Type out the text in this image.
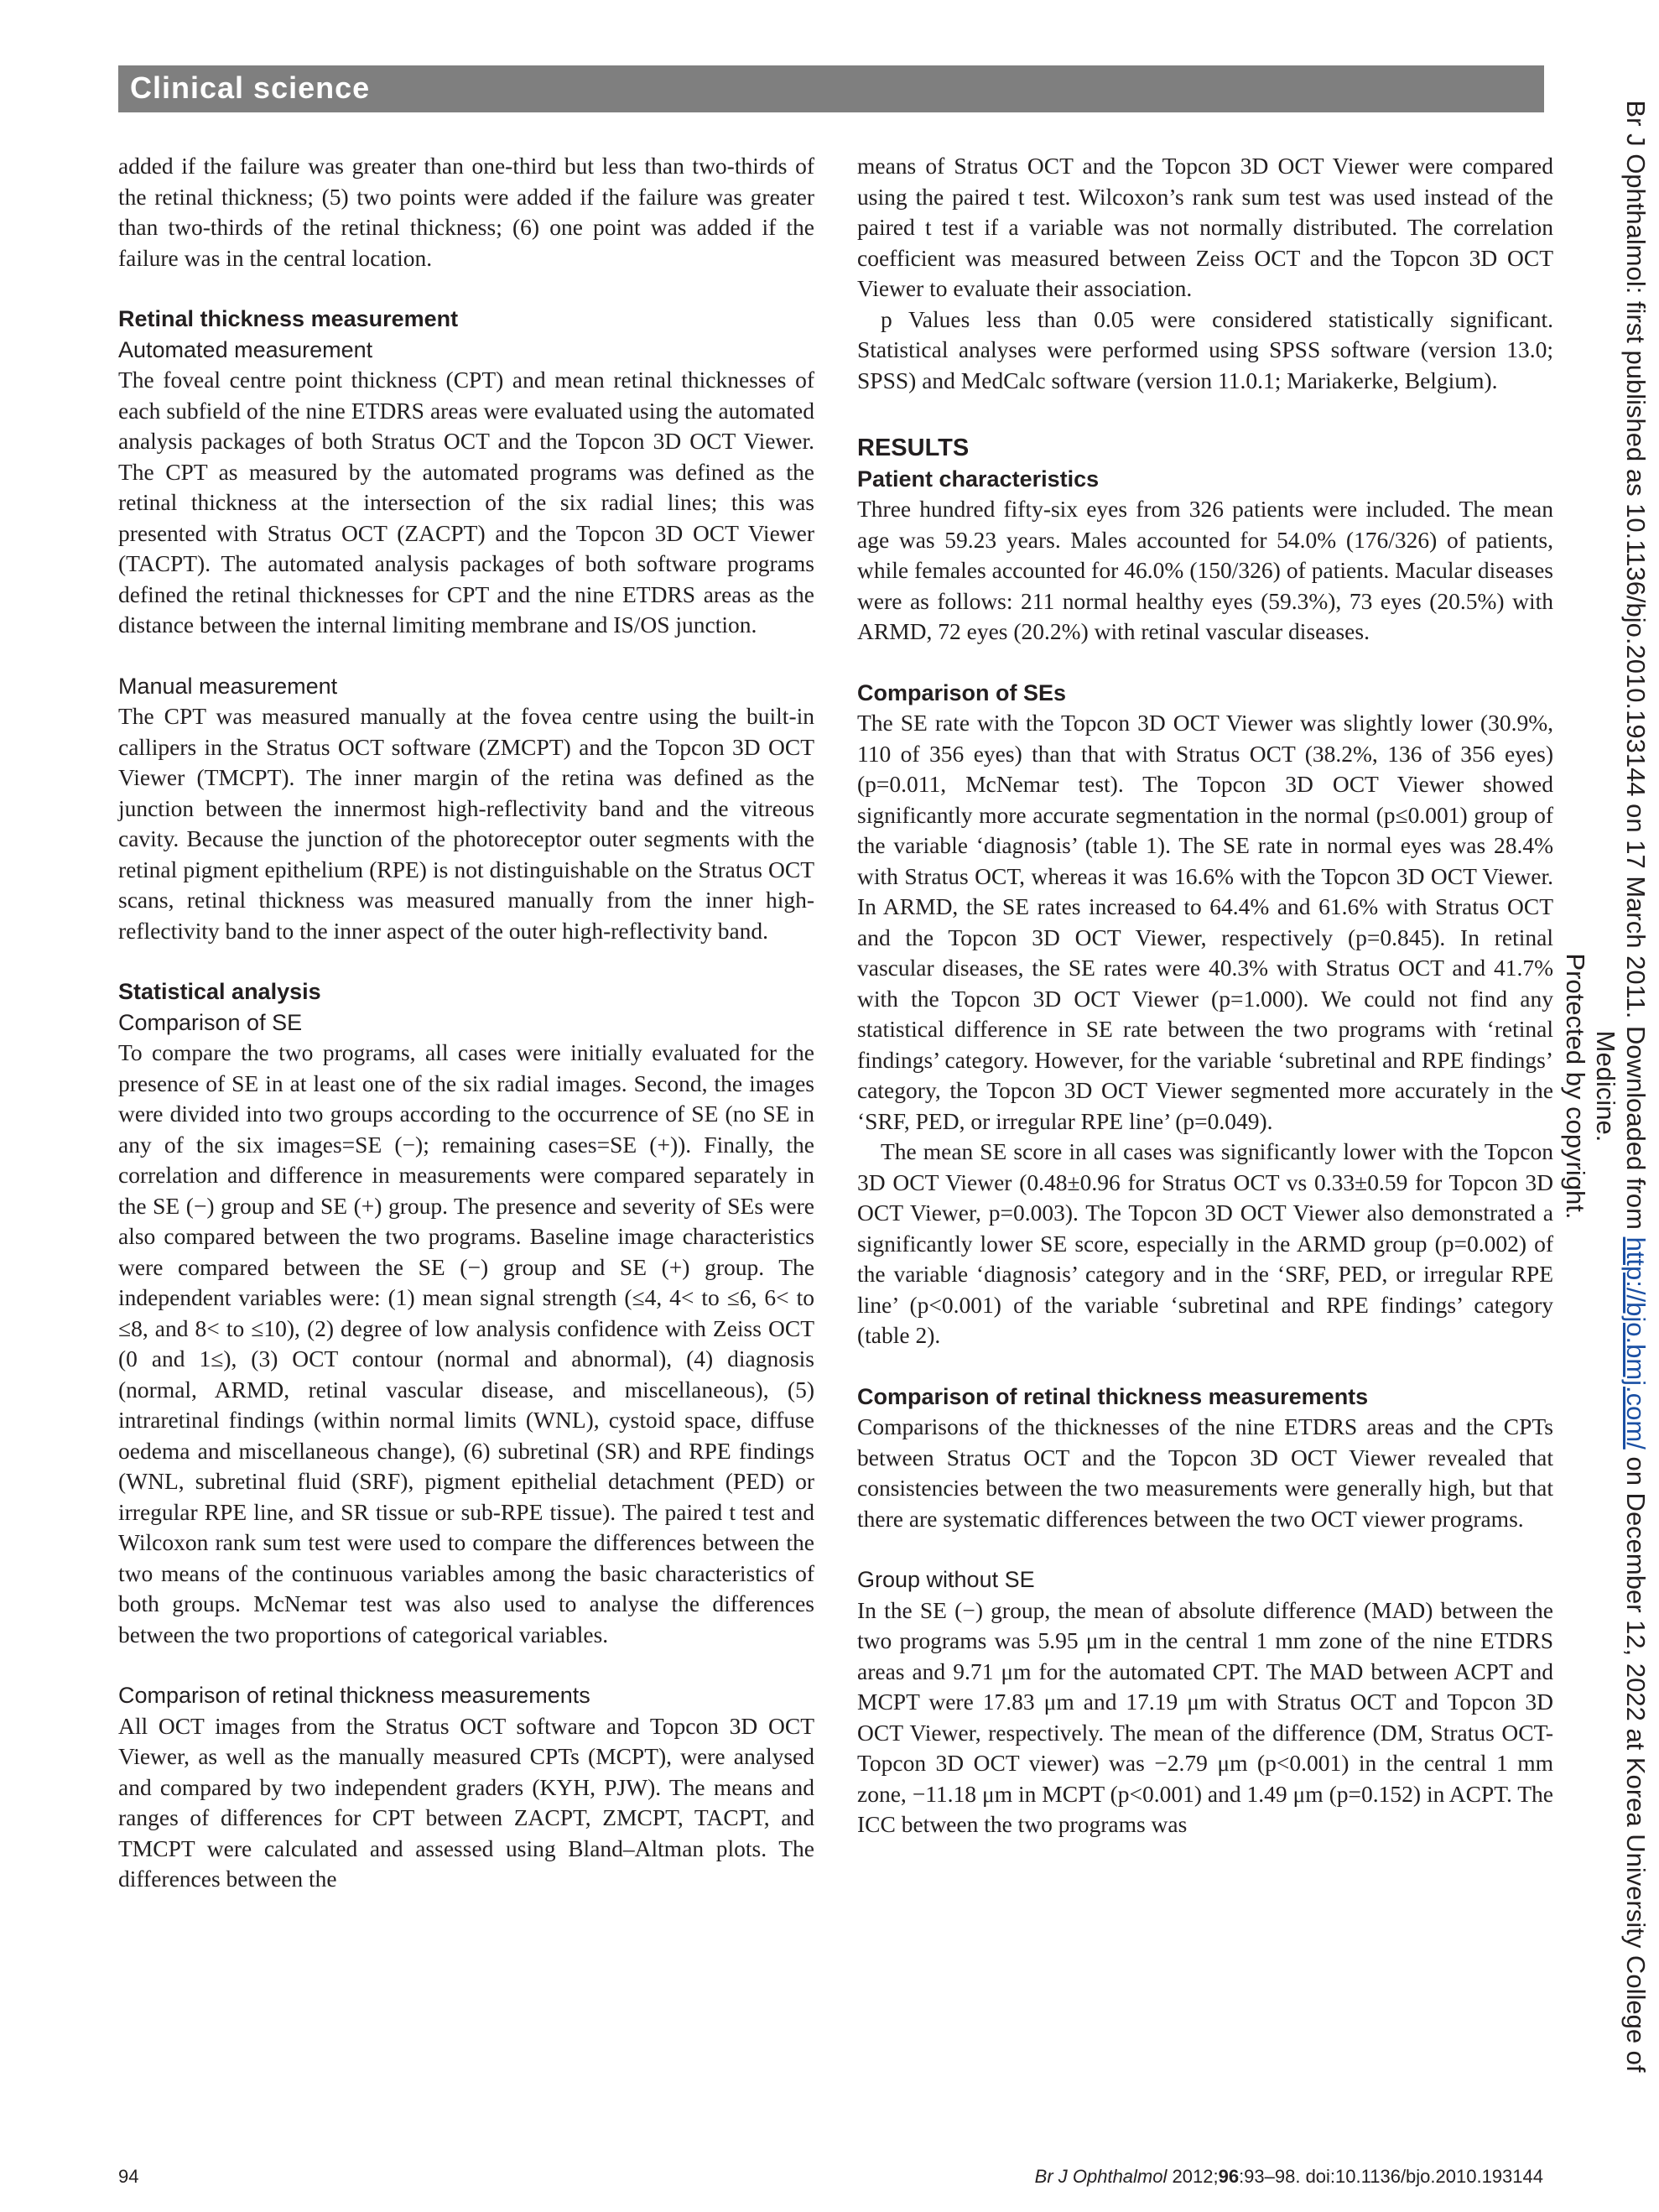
Clinical science

added if the failure was greater than one-third but less than two-thirds of the retinal thickness; (5) two points were added if the failure was greater than two-thirds of the retinal thickness; (6) one point was added if the failure was in the central location.

Retinal thickness measurement

Automated measurement

The foveal centre point thickness (CPT) and mean retinal thicknesses of each subfield of the nine ETDRS areas were evaluated using the automated analysis packages of both Stratus OCT and the Topcon 3D OCT Viewer. The CPT as measured by the automated programs was defined as the retinal thickness at the intersection of the six radial lines; this was presented with Stratus OCT (ZACPT) and the Topcon 3D OCT Viewer (TACPT). The automated analysis packages of both software programs defined the retinal thicknesses for CPT and the nine ETDRS areas as the distance between the internal limiting membrane and IS/OS junction.

Manual measurement

The CPT was measured manually at the fovea centre using the built-in callipers in the Stratus OCT software (ZMCPT) and the Topcon 3D OCT Viewer (TMCPT). The inner margin of the retina was defined as the junction between the innermost high-reflectivity band and the vitreous cavity. Because the junction of the photoreceptor outer segments with the retinal pigment epithelium (RPE) is not distinguishable on the Stratus OCT scans, retinal thickness was measured manually from the inner high-reflectivity band to the inner aspect of the outer high-reflectivity band.

Statistical analysis

Comparison of SE

To compare the two programs, all cases were initially evaluated for the presence of SE in at least one of the six radial images. Second, the images were divided into two groups according to the occurrence of SE (no SE in any of the six images=SE (−); remaining cases=SE (+)). Finally, the correlation and difference in measurements were compared separately in the SE (−) group and SE (+) group. The presence and severity of SEs were also compared between the two programs. Baseline image characteristics were compared between the SE (−) group and SE (+) group. The independent variables were: (1) mean signal strength (≤4, 4< to ≤6, 6< to ≤8, and 8< to ≤10), (2) degree of low analysis confidence with Zeiss OCT (0 and 1≤), (3) OCT contour (normal and abnormal), (4) diagnosis (normal, ARMD, retinal vascular disease, and miscellaneous), (5) intraretinal findings (within normal limits (WNL), cystoid space, diffuse oedema and miscellaneous change), (6) subretinal (SR) and RPE findings (WNL, subretinal fluid (SRF), pigment epithelial detachment (PED) or irregular RPE line, and SR tissue or sub-RPE tissue). The paired t test and Wilcoxon rank sum test were used to compare the differences between the two means of the continuous variables among the basic characteristics of both groups. McNemar test was also used to analyse the differences between the two proportions of categorical variables.

Comparison of retinal thickness measurements

All OCT images from the Stratus OCT software and Topcon 3D OCT Viewer, as well as the manually measured CPTs (MCPT), were analysed and compared by two independent graders (KYH, PJW). The means and ranges of differences for CPT between ZACPT, ZMCPT, TACPT, and TMCPT were calculated and assessed using Bland–Altman plots. The differences between the

means of Stratus OCT and the Topcon 3D OCT Viewer were compared using the paired t test. Wilcoxon’s rank sum test was used instead of the paired t test if a variable was not normally distributed. The correlation coefficient was measured between Zeiss OCT and the Topcon 3D OCT Viewer to evaluate their association.

p Values less than 0.05 were considered statistically significant. Statistical analyses were performed using SPSS software (version 13.0; SPSS) and MedCalc software (version 11.0.1; Mariakerke, Belgium).

RESULTS

Patient characteristics

Three hundred fifty-six eyes from 326 patients were included. The mean age was 59.23 years. Males accounted for 54.0% (176/326) of patients, while females accounted for 46.0% (150/326) of patients. Macular diseases were as follows: 211 normal healthy eyes (59.3%), 73 eyes (20.5%) with ARMD, 72 eyes (20.2%) with retinal vascular diseases.

Comparison of SEs

The SE rate with the Topcon 3D OCT Viewer was slightly lower (30.9%, 110 of 356 eyes) than that with Stratus OCT (38.2%, 136 of 356 eyes) (p=0.011, McNemar test). The Topcon 3D OCT Viewer showed significantly more accurate segmentation in the normal (p≤0.001) group of the variable ‘diagnosis’ (table 1). The SE rate in normal eyes was 28.4% with Stratus OCT, whereas it was 16.6% with the Topcon 3D OCT Viewer. In ARMD, the SE rates increased to 64.4% and 61.6% with Stratus OCT and the Topcon 3D OCT Viewer, respectively (p=0.845). In retinal vascular diseases, the SE rates were 40.3% with Stratus OCT and 41.7% with the Topcon 3D OCT Viewer (p=1.000). We could not find any statistical difference in SE rate between the two programs with ‘retinal findings’ category. However, for the variable ‘subretinal and RPE findings’ category, the Topcon 3D OCT Viewer segmented more accurately in the ‘SRF, PED, or irregular RPE line’ (p=0.049).

The mean SE score in all cases was significantly lower with the Topcon 3D OCT Viewer (0.48±0.96 for Stratus OCT vs 0.33±0.59 for Topcon 3D OCT Viewer, p=0.003). The Topcon 3D OCT Viewer also demonstrated a significantly lower SE score, especially in the ARMD group (p=0.002) of the variable ‘diagnosis’ category and in the ‘SRF, PED, or irregular RPE line’ (p<0.001) of the variable ‘subretinal and RPE findings’ category (table 2).

Comparison of retinal thickness measurements

Comparisons of the thicknesses of the nine ETDRS areas and the CPTs between Stratus OCT and the Topcon 3D OCT Viewer revealed that consistencies between the two measurements were generally high, but that there are systematic differences between the two OCT viewer programs.

Group without SE

In the SE (−) group, the mean of absolute difference (MAD) between the two programs was 5.95 μm in the central 1 mm zone of the nine ETDRS areas and 9.71 μm for the automated CPT. The MAD between ACPT and MCPT were 17.83 μm and 17.19 μm with Stratus OCT and Topcon 3D OCT Viewer, respectively. The mean of the difference (DM, Stratus OCT-Topcon 3D OCT viewer) was −2.79 μm (p<0.001) in the central 1 mm zone, −11.18 μm in MCPT (p<0.001) and 1.49 μm (p=0.152) in ACPT. The ICC between the two programs was

94	Br J Ophthalmol 2012;96:93–98. doi:10.1136/bjo.2010.193144
Br J Ophthalmol: first published as 10.1136/bjo.2010.193144 on 17 March 2011. Downloaded from http://bjo.bmj.com/ on December 12, 2022 at Korea University College of Medicine.
Protected by copyright.
